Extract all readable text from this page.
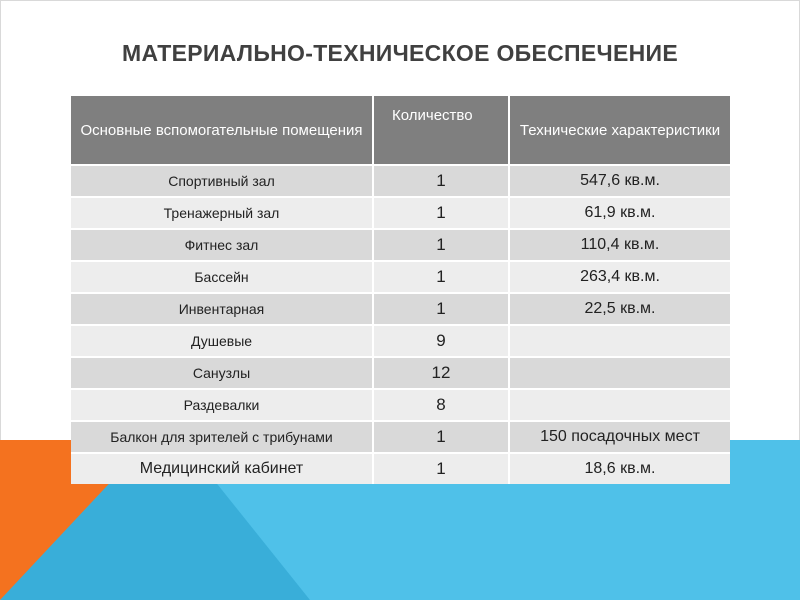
МАТЕРИАЛЬНО-ТЕХНИЧЕСКОЕ ОБЕСПЕЧЕНИЕ
Основные вспомогательные помещения	Количество	Технические характеристики
Спортивный зал	1	547,6 кв.м.
Тренажерный зал	1	61,9 кв.м.
Фитнес зал	1	110,4 кв.м.
Бассейн	1	263,4 кв.м.
Инвентарная	1	22,5 кв.м.
Душевые	9	
Санузлы	12	
Раздевалки	8	
Балкон для зрителей с трибунами	1	150 посадочных мест
Медицинский кабинет	1	18,6 кв.м.
